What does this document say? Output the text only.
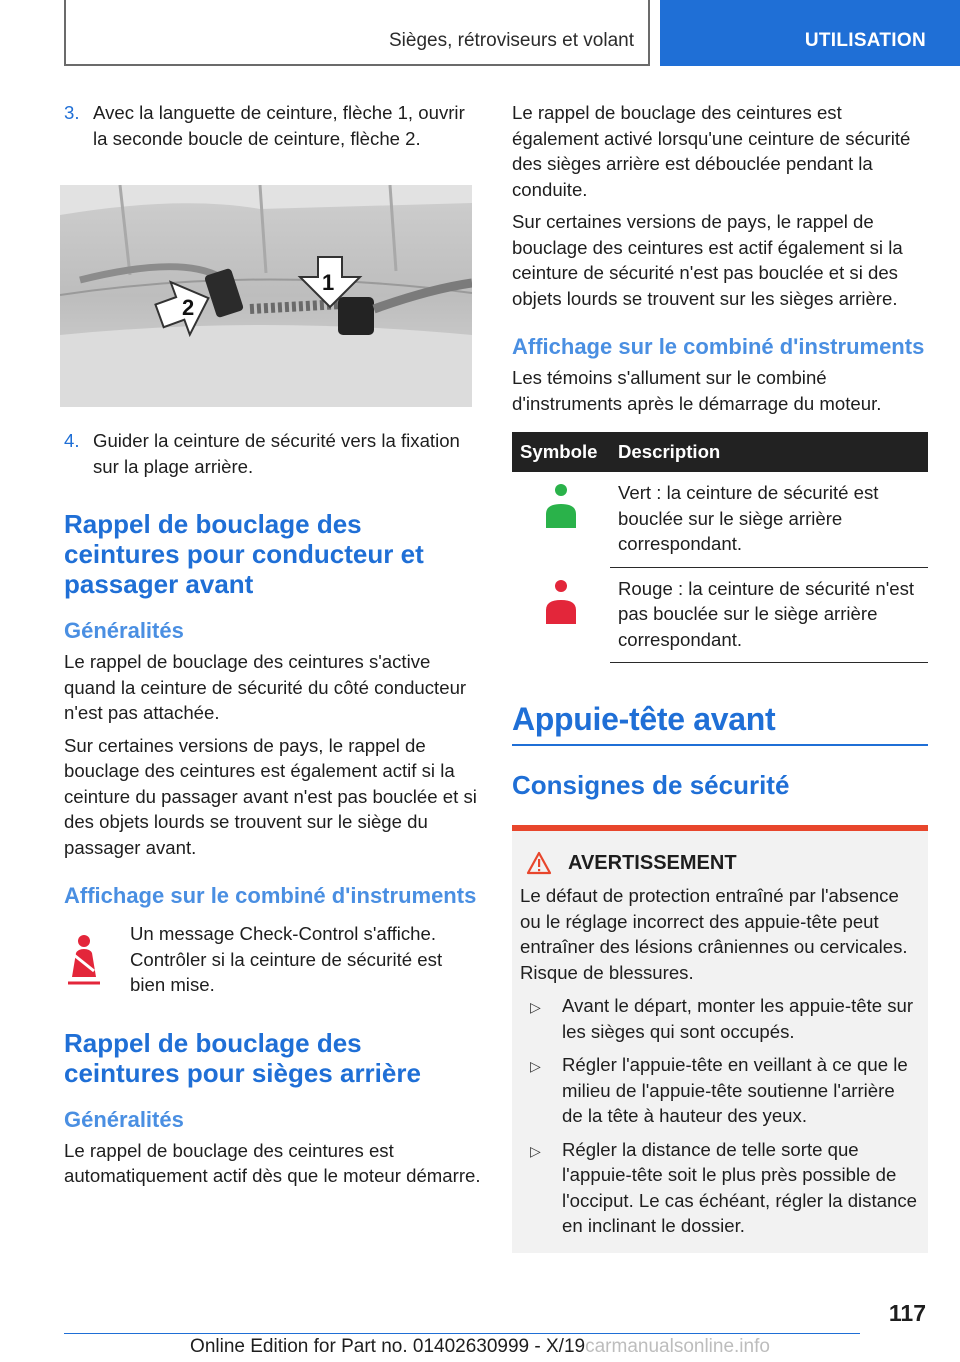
Sièges, rétroviseurs et volant	UTILISATION
3. Avec la languette de ceinture, flèche 1, ouvrir la seconde boucle de ceinture, flèche 2.
1
2
4. Guider la ceinture de sécurité vers la fixation sur la plage arrière.
Rappel de bouclage des ceintures pour conducteur et passager avant
Généralités

Le rappel de bouclage des ceintures s'active quand la ceinture de sécurité du côté conducteur n'est pas attachée.

Sur certaines versions de pays, le rappel de bouclage des ceintures est également actif si la ceinture du passager avant n'est pas bouclée et si des objets lourds se trouvent sur le siège du passager avant.

Affichage sur le combiné d'instruments
Un message Check-Control s'affiche. Contrôler si la ceinture de sécurité est bien mise.
Rappel de bouclage des ceintures pour sièges arrière
Généralités

Le rappel de bouclage des ceintures est automatiquement actif dès que le moteur démarre.

Le rappel de bouclage des ceintures est également activé lorsqu'une ceinture de sécurité des sièges arrière est débouclée pendant la conduite.

Sur certaines versions de pays, le rappel de bouclage des ceintures est actif également si la ceinture de sécurité n'est pas bouclée et si des objets lourds se trouvent sur les sièges arrière.

Affichage sur le combiné d'instruments

Les témoins s'allument sur le combiné d'instruments après le démarrage du moteur.

Symbole	Description
	Vert : la ceinture de sécurité est bouclée sur le siège arrière correspondant.
	Rouge : la ceinture de sécurité n'est pas bouclée sur le siège arrière correspondant.
Appuie-tête avant
Consignes de sécurité
AVERTISSEMENT

Le défaut de protection entraîné par l'absence ou le réglage incorrect des appuie-tête peut entraîner des lésions crâniennes ou cervicales. Risque de blessures.

▷	Avant le départ, monter les appuie-tête sur les sièges qui sont occupés.
▷	Régler l'appuie-tête en veillant à ce que le milieu de l'appuie-tête soutienne l'arrière de la tête à hauteur des yeux.
▷	Régler la distance de telle sorte que l'appuie-tête soit le plus près possible de l'occiput. Le cas échéant, régler la distance en inclinant le dossier.
117
Online Edition for Part no. 01402630999 - X/19carmanualsonline.info
